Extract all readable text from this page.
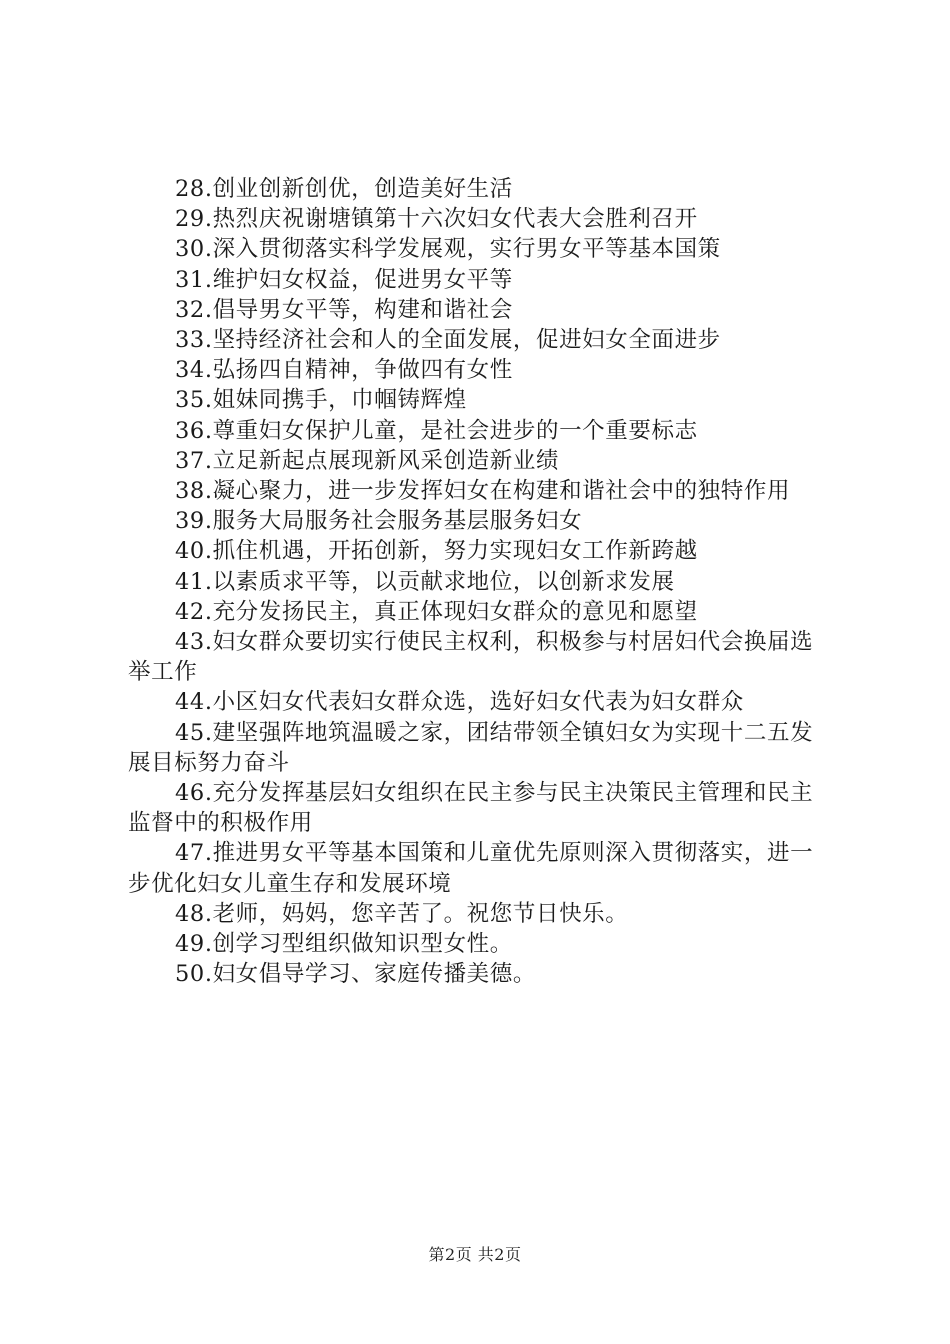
28.创业创新创优，创造美好生活

29.热烈庆祝谢塘镇第十六次妇女代表大会胜利召开

30.深入贯彻落实科学发展观，实行男女平等基本国策

31.维护妇女权益，促进男女平等

32.倡导男女平等，构建和谐社会

33.坚持经济社会和人的全面发展，促进妇女全面进步

34.弘扬四自精神，争做四有女性

35.姐妹同携手，巾帼铸辉煌

36.尊重妇女保护儿童，是社会进步的一个重要标志

37.立足新起点展现新风采创造新业绩

38.凝心聚力，进一步发挥妇女在构建和谐社会中的独特作用

39.服务大局服务社会服务基层服务妇女

40.抓住机遇，开拓创新，努力实现妇女工作新跨越

41.以素质求平等，以贡献求地位，以创新求发展

42.充分发扬民主，真正体现妇女群众的意见和愿望

43.妇女群众要切实行使民主权利，积极参与村居妇代会换届选举工作

44.小区妇女代表妇女群众选，选好妇女代表为妇女群众

45.建坚强阵地筑温暖之家，团结带领全镇妇女为实现十二五发展目标努力奋斗

46.充分发挥基层妇女组织在民主参与民主决策民主管理和民主监督中的积极作用

47.推进男女平等基本国策和儿童优先原则深入贯彻落实，进一步优化妇女儿童生存和发展环境

48.老师，妈妈，您辛苦了。祝您节日快乐。

49.创学习型组织做知识型女性。

50.妇女倡导学习、家庭传播美德。

第2页 共2页
